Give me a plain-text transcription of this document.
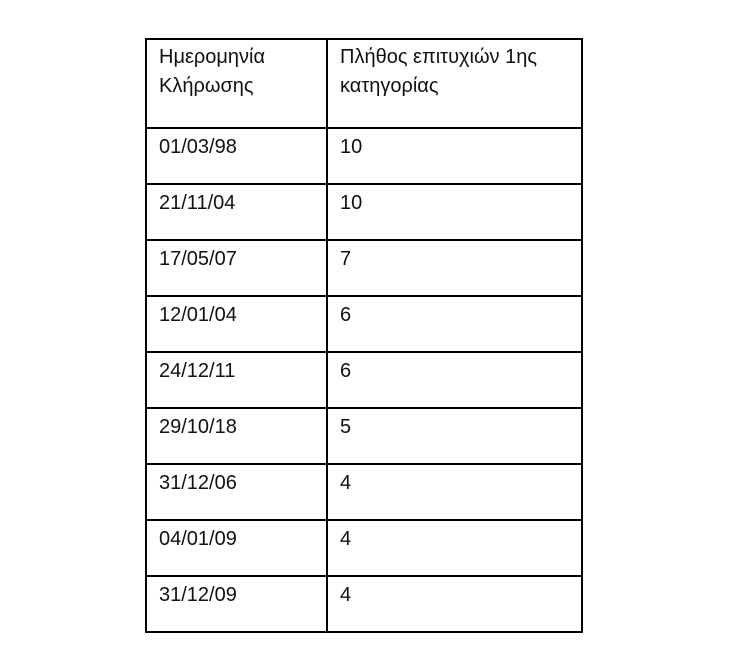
Ημερομηνία Κλήρωσης	Πλήθος επιτυχιών 1ης κατηγορίας

01/03/98	10

21/11/04	10

17/05/07	7

12/01/04	6

24/12/11	6

29/10/18	5

31/12/06	4

04/01/09	4

31/12/09	4
